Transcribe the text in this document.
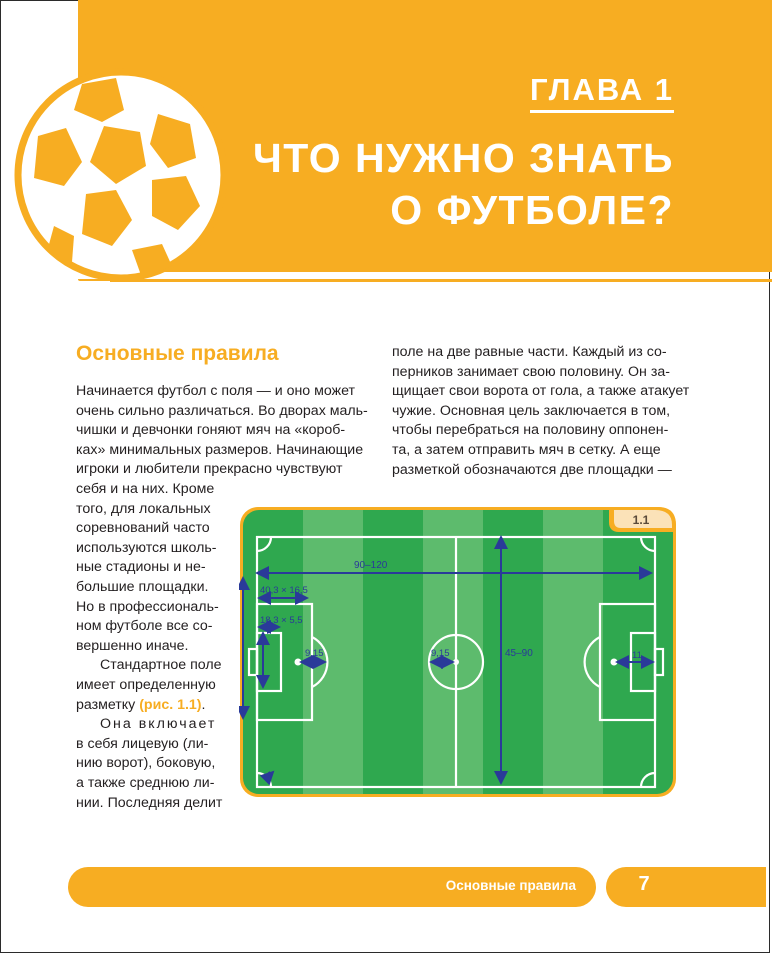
ГЛАВА 1
ЧТО НУЖНО ЗНАТЬ
О ФУТБОЛЕ?
Основные правила
Начинается футбол с поля — и оно может
очень сильно различаться. Во дворах маль-
чишки и девчонки гоняют мяч на «короб-
ках» минимальных размеров. Начинающие
игроки и любители прекрасно чувствуют
себя и на них. Кроме
того, для локальных
соревнований часто
используются школь-
ные стадионы и не-
большие площадки.
Но в профессиональ-
ном футболе все со-
вершенно иначе.
Стандартное поле
имеет определенную
разметку (рис. 1.1).
Она включает
в себя лицевую (ли-
нию ворот), боковую,
а также среднюю ли-
нии. Последняя делит
поле на две равные части. Каждый из со-
перников занимает свою половину. Он за-
щищает свои ворота от гола, а также атакует
чужие. Основная цель заключается в том,
чтобы перебраться на половину оппонен-
та, а затем отправить мяч в сетку. А еще
разметкой обозначаются две площадки —
90–120
45–90
40,3 × 16,5
18,3 × 5,5
9,15	9,15	11
1
1.1
Основные правила	7
